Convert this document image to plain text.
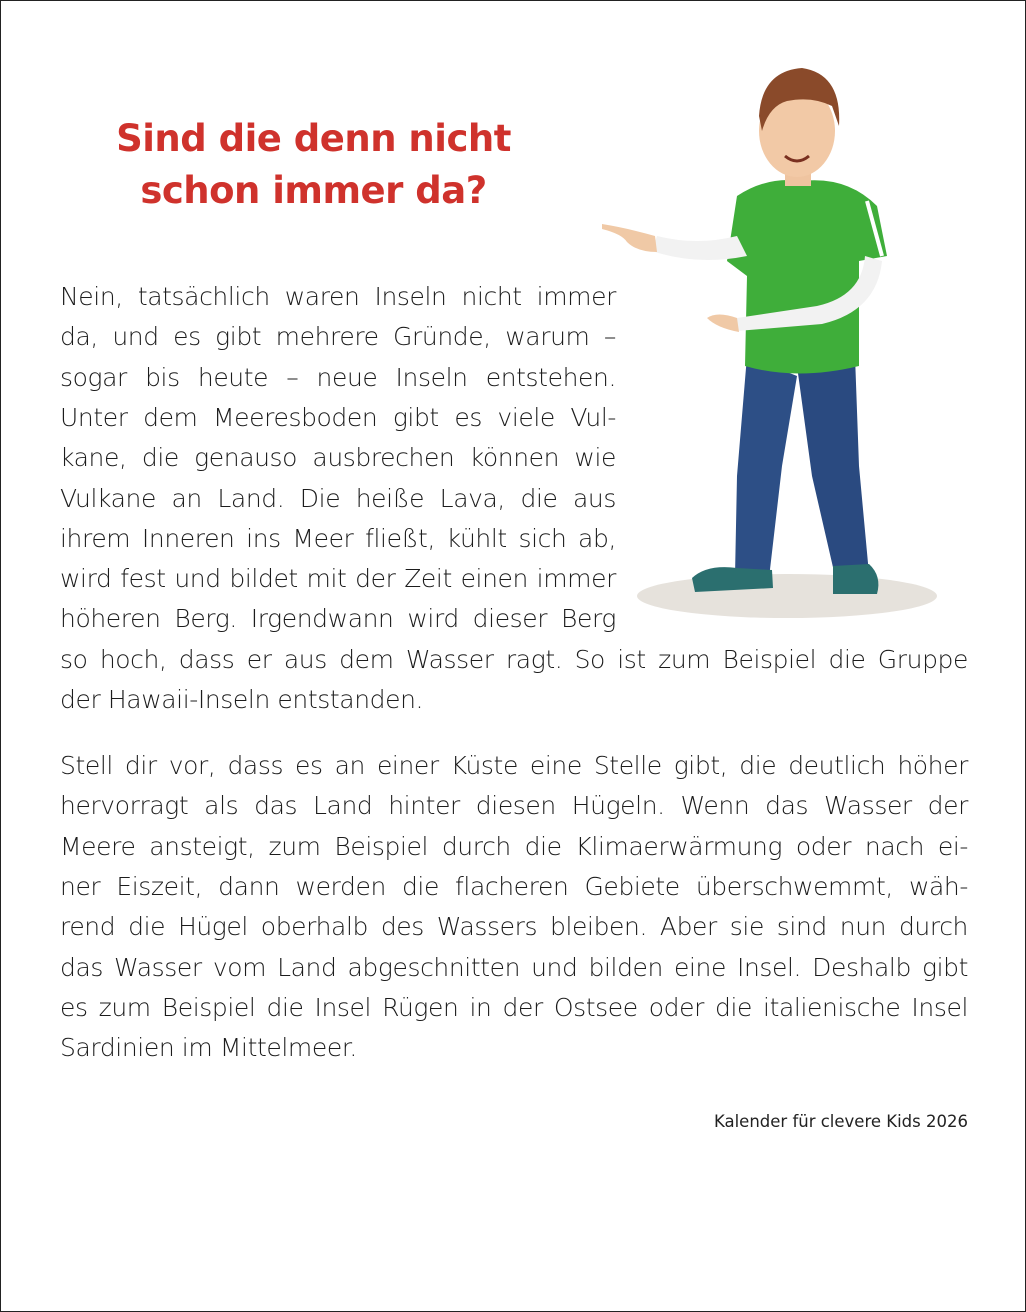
Sind die denn nicht
schon immer da?
Nein, tatsächlich waren Inseln nicht immer
da, und es gibt mehrere Gründe, warum –
sogar bis heute – neue Inseln entstehen.
Unter dem Meeresboden gibt es viele Vul-
kane, die genauso ausbrechen können wie
Vulkane an Land. Die heiße Lava, die aus
ihrem Inneren ins Meer fließt, kühlt sich ab,
wird fest und bildet mit der Zeit einen immer
höheren Berg. Irgendwann wird dieser Berg
so hoch, dass er aus dem Wasser ragt. So ist zum Beispiel die Gruppe
der Hawaii-Inseln entstanden.
Stell dir vor, dass es an einer Küste eine Stelle gibt, die deutlich höher
hervorragt als das Land hinter diesen Hügeln. Wenn das Wasser der
Meere ansteigt, zum Beispiel durch die Klimaerwärmung oder nach ei-
ner Eiszeit, dann werden die flacheren Gebiete überschwemmt, wäh-
rend die Hügel oberhalb des Wassers bleiben. Aber sie sind nun durch
das Wasser vom Land abgeschnitten und bilden eine Insel. Deshalb gibt
es zum Beispiel die Insel Rügen in der Ostsee oder die italienische Insel
Sardinien im Mittelmeer.
Kalender für clevere Kids 2026
